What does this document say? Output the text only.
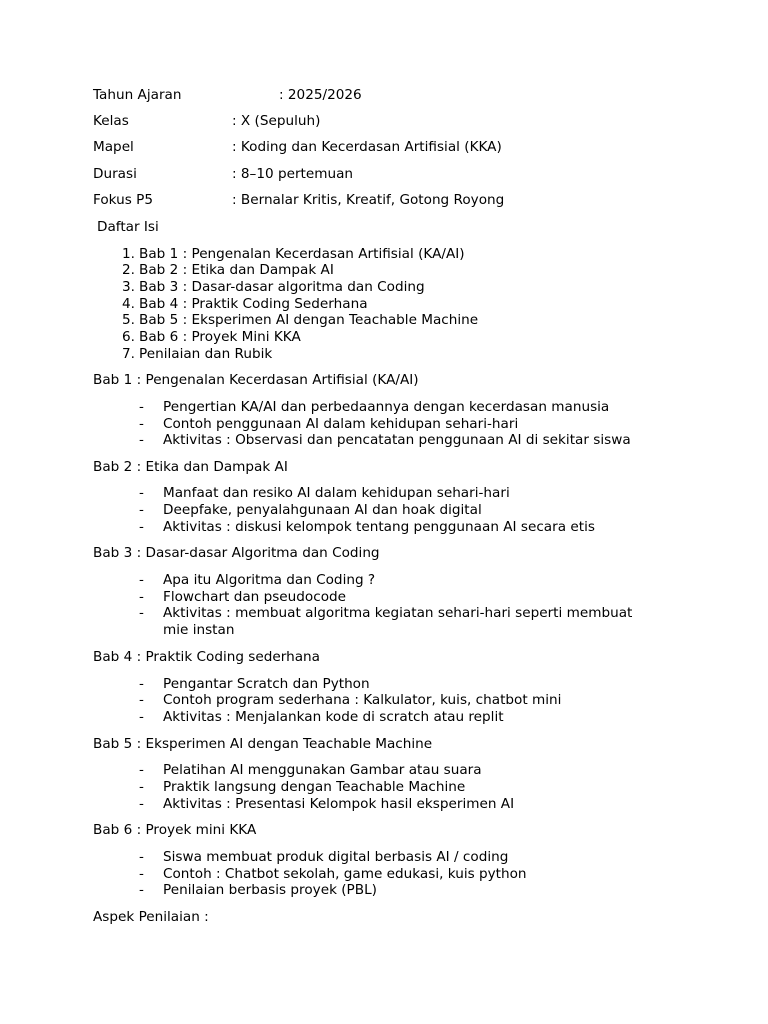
Tahun Ajaran	: 2025/2026
Kelas	: X (Sepuluh)
Mapel	: Koding dan Kecerdasan Artifisial (KKA)
Durasi	: 8–10 pertemuan
Fokus P5	: Bernalar Kritis, Kreatif, Gotong Royong
Daftar Isi
1. Bab 1 : Pengenalan Kecerdasan Artifisial (KA/AI)
2. Bab 2 : Etika dan Dampak AI
3. Bab 3 : Dasar-dasar algoritma dan Coding
4. Bab 4 : Praktik Coding Sederhana
5. Bab 5 : Eksperimen AI dengan Teachable Machine
6. Bab 6 : Proyek Mini KKA
7. Penilaian dan Rubik
Bab 1 : Pengenalan Kecerdasan Artifisial (KA/AI)
- Pengertian KA/AI dan perbedaannya dengan kecerdasan manusia
- Contoh penggunaan AI dalam kehidupan sehari-hari
- Aktivitas : Observasi dan pencatatan penggunaan AI di sekitar siswa
Bab 2 : Etika dan Dampak AI
- Manfaat dan resiko AI dalam kehidupan sehari-hari
- Deepfake, penyalahgunaan AI dan hoak digital
- Aktivitas : diskusi kelompok tentang penggunaan AI secara etis
Bab 3 : Dasar-dasar Algoritma dan Coding
- Apa itu Algoritma dan Coding ?
- Flowchart dan pseudocode
- Aktivitas : membuat algoritma kegiatan sehari-hari seperti membuat
mie instan
Bab 4 : Praktik Coding sederhana
- Pengantar Scratch dan Python
- Contoh program sederhana : Kalkulator, kuis, chatbot mini
- Aktivitas : Menjalankan kode di scratch atau replit
Bab 5 : Eksperimen AI dengan Teachable Machine
- Pelatihan AI menggunakan Gambar atau suara
- Praktik langsung dengan Teachable Machine
- Aktivitas : Presentasi Kelompok hasil eksperimen AI
Bab 6 : Proyek mini KKA
- Siswa membuat produk digital berbasis AI / coding
- Contoh : Chatbot sekolah, game edukasi, kuis python
- Penilaian berbasis proyek (PBL)
Aspek Penilaian :
